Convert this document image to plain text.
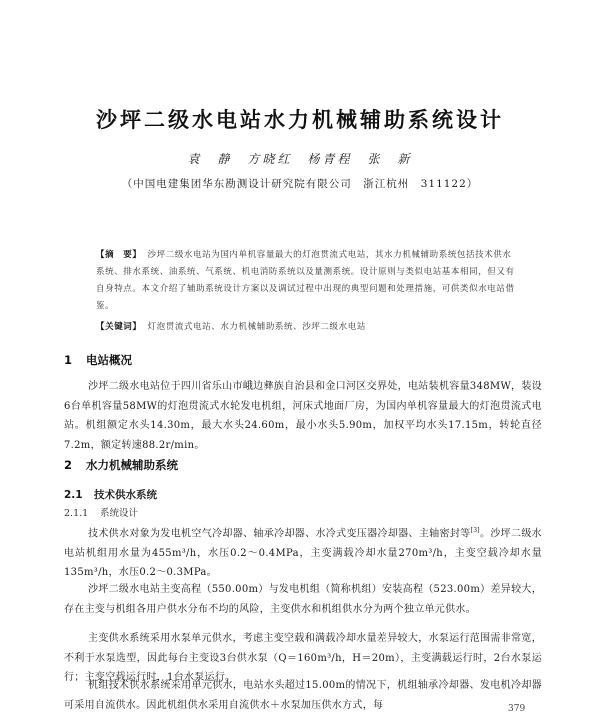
沙坪二级水电站水力机械辅助系统设计
袁　静　方晓红　杨青程　张　新
（中国电建集团华东勘测设计研究院有限公司　浙江杭州　311122）

【摘　要】 沙坪二级水电站为国内单机容量最大的灯泡贯流式电站，其水力机械辅助系统包括技术供水系统、排水系统、油系统、气系统、机电消防系统以及量测系统。设计原则与类似电站基本相同，但又有自身特点。本文介绍了辅助系统设计方案以及调试过程中出现的典型问题和处理措施，可供类似水电站借鉴。

【关键词】 灯泡贯流式电站、水力机械辅助系统、沙坪二级水电站

1 电站概况

沙坪二级水电站位于四川省乐山市峨边彝族自治县和金口河区交界处，电站装机容量348MW，装设6台单机容量58MW的灯泡贯流式水轮发电机组，河床式地面厂房，为国内单机容量最大的灯泡贯流式电站。机组额定水头14.30m，最大水头24.60m，最小水头5.90m，加权平均水头17.15m，转轮直径7.2m，额定转速88.2r/min。

2 水力机械辅助系统
2.1 技术供水系统
2.1.1 系统设计

技术供水对象为发电机空气冷却器、轴承冷却器、水冷式变压器冷却器、主轴密封等[3]。沙坪二级水电站机组用水量为455m³/h，水压0.2～0.4MPa，主变满载冷却水量270m³/h，主变空载冷却水量135m³/h，水压0.2～0.3MPa。

沙坪二级水电站主变高程（550.00m）与发电机组（简称机组）安装高程（523.00m）差异较大，存在主变与机组各用户供水分布不均的风险，主变供水和机组供水分为两个独立单元供水。

主变供水系统采用水泵单元供水，考虑主变空载和满载冷却水量差异较大，水泵运行范围需非常宽，不利于水泵选型，因此每台主变设3台供水泵（Q＝160m³/h，H＝20m），主变满载运行时，2台水泵运行；主变空载运行时，1台水泵运行。

机组技术供水系统采用单元供水，电站水头超过15.00m的情况下，机组轴承冷却器、发电机冷却器可采用自流供水。因此机组供水采用自流供水＋水泵加压供水方式，每	379
